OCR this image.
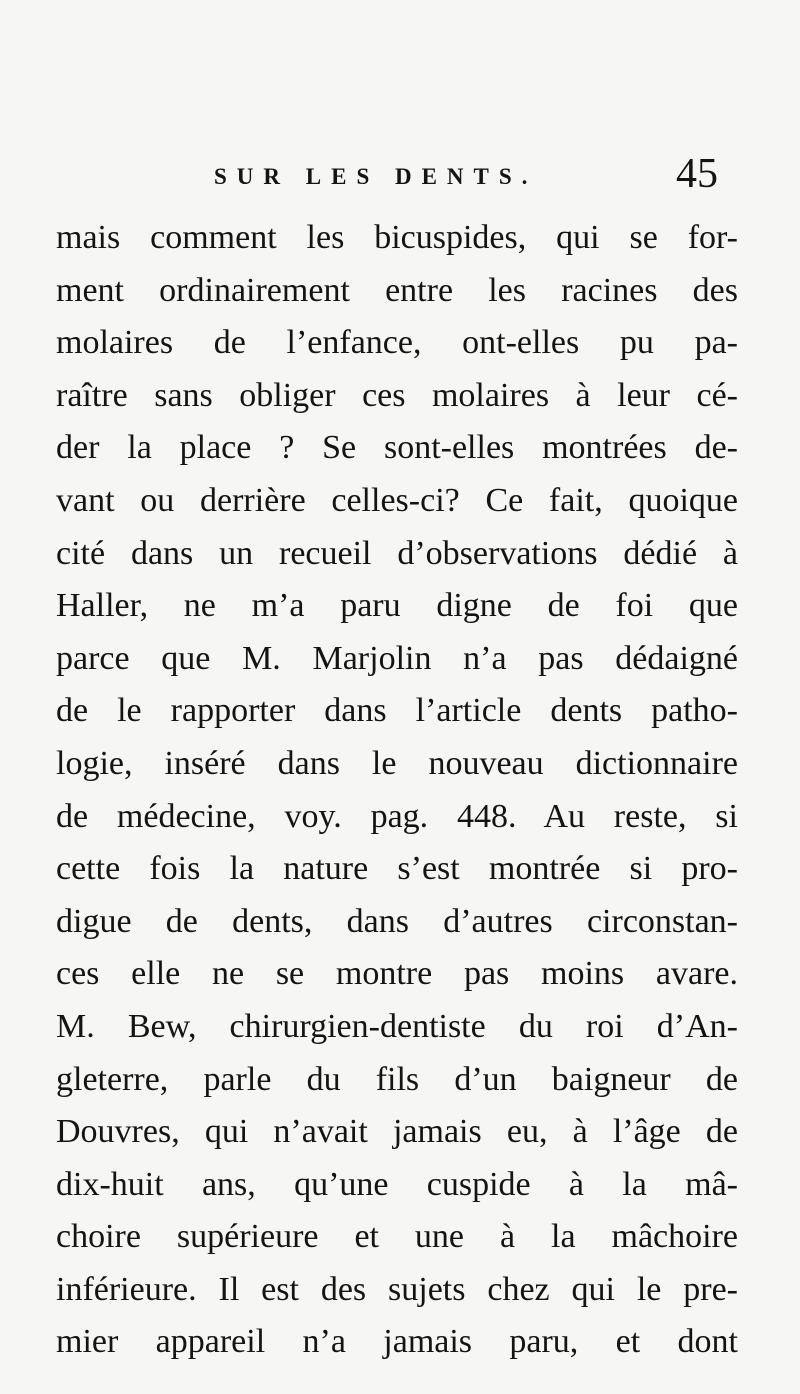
SUR LES DENTS.	45
mais comment les bicuspides, qui se for-
ment ordinairement entre les racines des
molaires de l’enfance, ont-elles pu pa-
raître sans obliger ces molaires à leur cé-
der la place ? Se sont-elles montrées de-
vant ou derrière celles-ci? Ce fait, quoique
cité dans un recueil d’observations dédié à
Haller, ne m’a paru digne de foi que
parce que M. Marjolin n’a pas dédaigné
de le rapporter dans l’article dents patho-
logie, inséré dans le nouveau dictionnaire
de médecine, voy. pag. 448. Au reste, si
cette fois la nature s’est montrée si pro-
digue de dents, dans d’autres circonstan-
ces elle ne se montre pas moins avare.
M. Bew, chirurgien-dentiste du roi d’An-
gleterre, parle du fils d’un baigneur de
Douvres, qui n’avait jamais eu, à l’âge de
dix-huit ans, qu’une cuspide à la mâ-
choire supérieure et une à la mâchoire
inférieure. Il est des sujets chez qui le pre-
mier appareil n’a jamais paru, et dont
